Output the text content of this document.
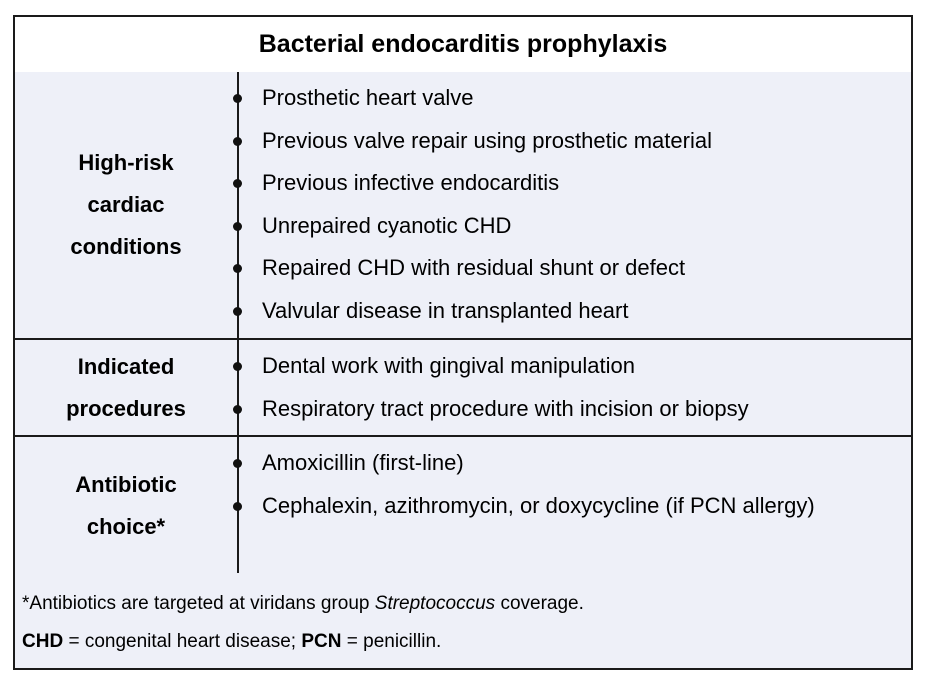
Bacterial endocarditis prophylaxis
High-risk
cardiac
conditions
Prosthetic heart valve
Previous valve repair using prosthetic material
Previous infective endocarditis
Unrepaired cyanotic CHD
Repaired CHD with residual shunt or defect
Valvular disease in transplanted heart
Indicated
procedures
Dental work with gingival manipulation
Respiratory tract procedure with incision or biopsy
Antibiotic
choice*
Amoxicillin (first-line)
Cephalexin, azithromycin, or doxycycline (if PCN allergy)
*Antibiotics are targeted at viridans group Streptococcus coverage.
CHD = congenital heart disease; PCN = penicillin.
